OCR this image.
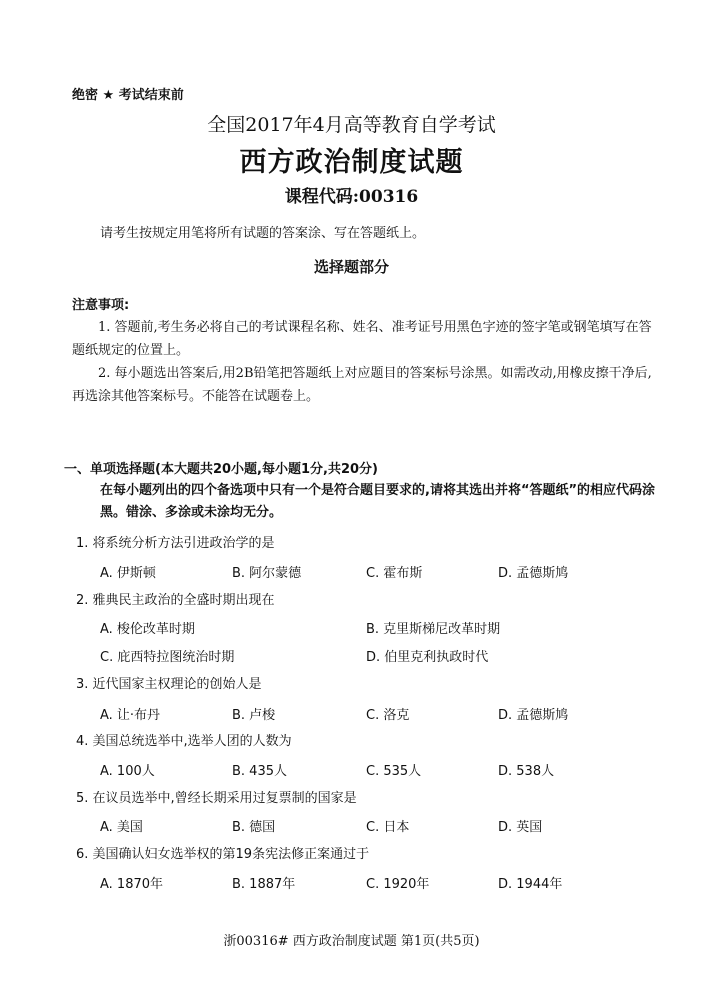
绝密 ★ 考试结束前
全国2017年4月高等教育自学考试
西方政治制度试题
课程代码:00316
请考生按规定用笔将所有试题的答案涂、写在答题纸上。
选择题部分
注意事项:
1. 答题前,考生务必将自己的考试课程名称、姓名、准考证号用黑色字迹的签字笔或钢笔填写在答题纸规定的位置上。
2. 每小题选出答案后,用2B铅笔把答题纸上对应题目的答案标号涂黑。如需改动,用橡皮擦干净后,再选涂其他答案标号。不能答在试题卷上。
一、单项选择题(本大题共20小题,每小题1分,共20分)
在每小题列出的四个备选项中只有一个是符合题目要求的,请将其选出并将“答题纸”的相应代码涂黑。错涂、多涂或未涂均无分。
1. 将系统分析方法引进政治学的是
A. 伊斯顿	B. 阿尔蒙德	C. 霍布斯	D. 孟德斯鸠
2. 雅典民主政治的全盛时期出现在
A. 梭伦改革时期	B. 克里斯梯尼改革时期
C. 庇西特拉图统治时期	D. 伯里克利执政时代
3. 近代国家主权理论的创始人是
A. 让·布丹	B. 卢梭	C. 洛克	D. 孟德斯鸠
4. 美国总统选举中,选举人团的人数为
A. 100人	B. 435人	C. 535人	D. 538人
5. 在议员选举中,曾经长期采用过复票制的国家是
A. 美国	B. 德国	C. 日本	D. 英国
6. 美国确认妇女选举权的第19条宪法修正案通过于
A. 1870年	B. 1887年	C. 1920年	D. 1944年
浙00316# 西方政治制度试题 第1页(共5页)
